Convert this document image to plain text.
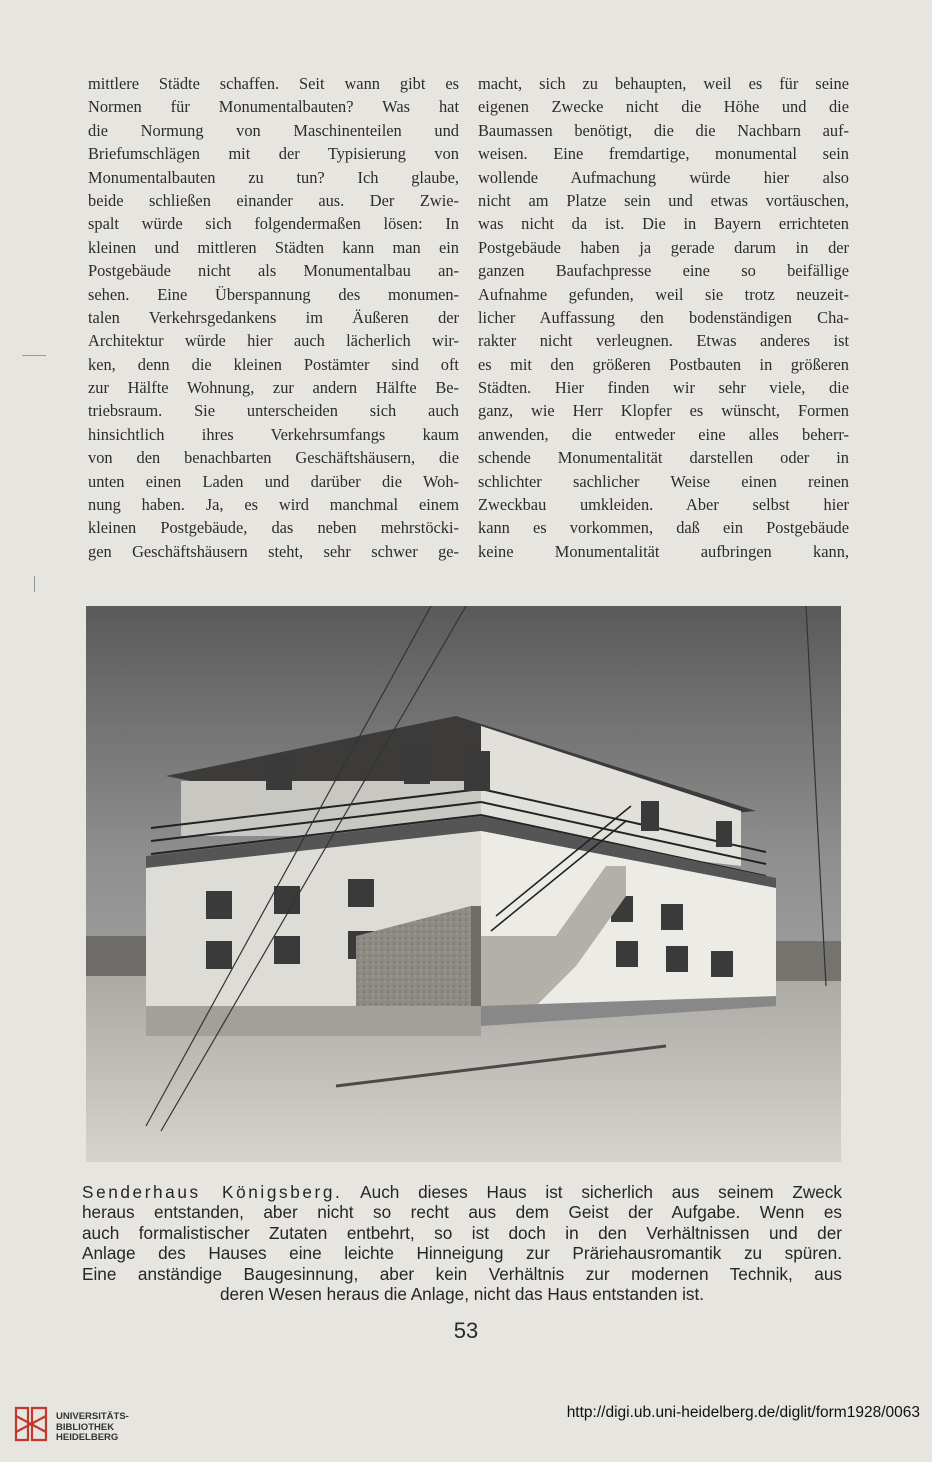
mittlere Städte schaffen. Seit wann gibt es
Normen für Monumentalbauten? Was hat
die Normung von Maschinenteilen und
Briefumschlägen mit der Typisierung von
Monumentalbauten zu tun? Ich glaube,
beide schließen einander aus. Der Zwie-
spalt würde sich folgendermaßen lösen: In
kleinen und mittleren Städten kann man ein
Postgebäude nicht als Monumentalbau an-
sehen. Eine Überspannung des monumen-
talen Verkehrsgedankens im Äußeren der
Architektur würde hier auch lächerlich wir-
ken, denn die kleinen Postämter sind oft
zur Hälfte Wohnung, zur andern Hälfte Be-
triebsraum. Sie unterscheiden sich auch
hinsichtlich ihres Verkehrsumfangs kaum
von den benachbarten Geschäftshäusern, die
unten einen Laden und darüber die Woh-
nung haben. Ja, es wird manchmal einem
kleinen Postgebäude, das neben mehrstöcki-
gen Geschäftshäusern steht, sehr schwer ge-
macht, sich zu behaupten, weil es für seine
eigenen Zwecke nicht die Höhe und die
Baumassen benötigt, die die Nachbarn auf-
weisen. Eine fremdartige, monumental sein
wollende Aufmachung würde hier also
nicht am Platze sein und etwas vortäuschen,
was nicht da ist. Die in Bayern errichteten
Postgebäude haben ja gerade darum in der
ganzen Baufachpresse eine so beifällige
Aufnahme gefunden, weil sie trotz neuzeit-
licher Auffassung den bodenständigen Cha-
rakter nicht verleugnen. Etwas anderes ist
es mit den größeren Postbauten in größeren
Städten. Hier finden wir sehr viele, die
ganz, wie Herr Klopfer es wünscht, Formen
anwenden, die entweder eine alles beherr-
schende Monumentalität darstellen oder in
schlichter sachlicher Weise einen reinen
Zweckbau umkleiden. Aber selbst hier
kann es vorkommen, daß ein Postgebäude
keine Monumentalität aufbringen kann,
Senderhaus Königsberg. Auch dieses Haus ist sicherlich aus seinem Zweck
heraus entstanden, aber nicht so recht aus dem Geist der Aufgabe. Wenn es
auch formalistischer Zutaten entbehrt, so ist doch in den Verhältnissen und der
Anlage des Hauses eine leichte Hinneigung zur Präriehausromantik zu spüren.
Eine anständige Baugesinnung, aber kein Verhältnis zur modernen Technik, aus
deren Wesen heraus die Anlage, nicht das Haus entstanden ist.
53
UNIVERSITÄTS-
BIBLIOTHEK
HEIDELBERG
http://digi.ub.uni-heidelberg.de/diglit/form1928/0063
